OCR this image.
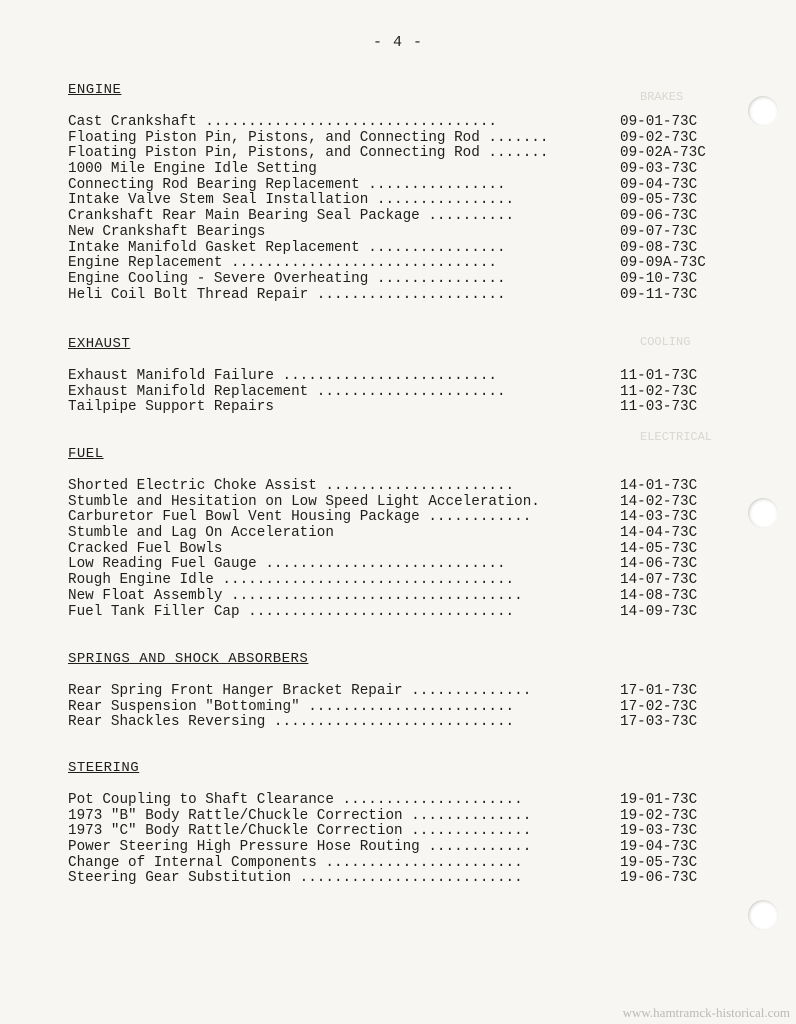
- 4 -
BRAKES
COOLING
ELECTRICAL
ENGINE
Cast Crankshaft ..................................	09-01-73C
Floating Piston Pin, Pistons, and Connecting Rod .......	09-02-73C
Floating Piston Pin, Pistons, and Connecting Rod .......	09-02A-73C
1000 Mile Engine Idle Setting	09-03-73C
Connecting Rod Bearing Replacement ................	09-04-73C
Intake Valve Stem Seal Installation ................	09-05-73C
Crankshaft Rear Main Bearing Seal Package ..........	09-06-73C
New Crankshaft Bearings	09-07-73C
Intake Manifold Gasket Replacement ................	09-08-73C
Engine Replacement ...............................	09-09A-73C
Engine Cooling - Severe Overheating ...............	09-10-73C
Heli Coil Bolt Thread Repair ......................	09-11-73C
EXHAUST
Exhaust Manifold Failure .........................	11-01-73C
Exhaust Manifold Replacement ......................	11-02-73C
Tailpipe Support Repairs	11-03-73C
FUEL
Shorted Electric Choke Assist ......................	14-01-73C
Stumble and Hesitation on Low Speed Light Acceleration.	14-02-73C
Carburetor Fuel Bowl Vent Housing Package ............	14-03-73C
Stumble and Lag On Acceleration	14-04-73C
Cracked Fuel Bowls	14-05-73C
Low Reading Fuel Gauge ............................	14-06-73C
Rough Engine Idle ..................................	14-07-73C
New Float Assembly ..................................	14-08-73C
Fuel Tank Filler Cap ...............................	14-09-73C
SPRINGS AND SHOCK ABSORBERS
Rear Spring Front Hanger Bracket Repair ..............	17-01-73C
Rear Suspension "Bottoming" ........................	17-02-73C
Rear Shackles Reversing ............................	17-03-73C
STEERING
Pot Coupling to Shaft Clearance .....................	19-01-73C
1973 "B" Body Rattle/Chuckle Correction ..............	19-02-73C
1973 "C" Body Rattle/Chuckle Correction ..............	19-03-73C
Power Steering High Pressure Hose Routing ............	19-04-73C
Change of Internal Components .......................	19-05-73C
Steering Gear Substitution ..........................	19-06-73C
www.hamtramck-historical.com
